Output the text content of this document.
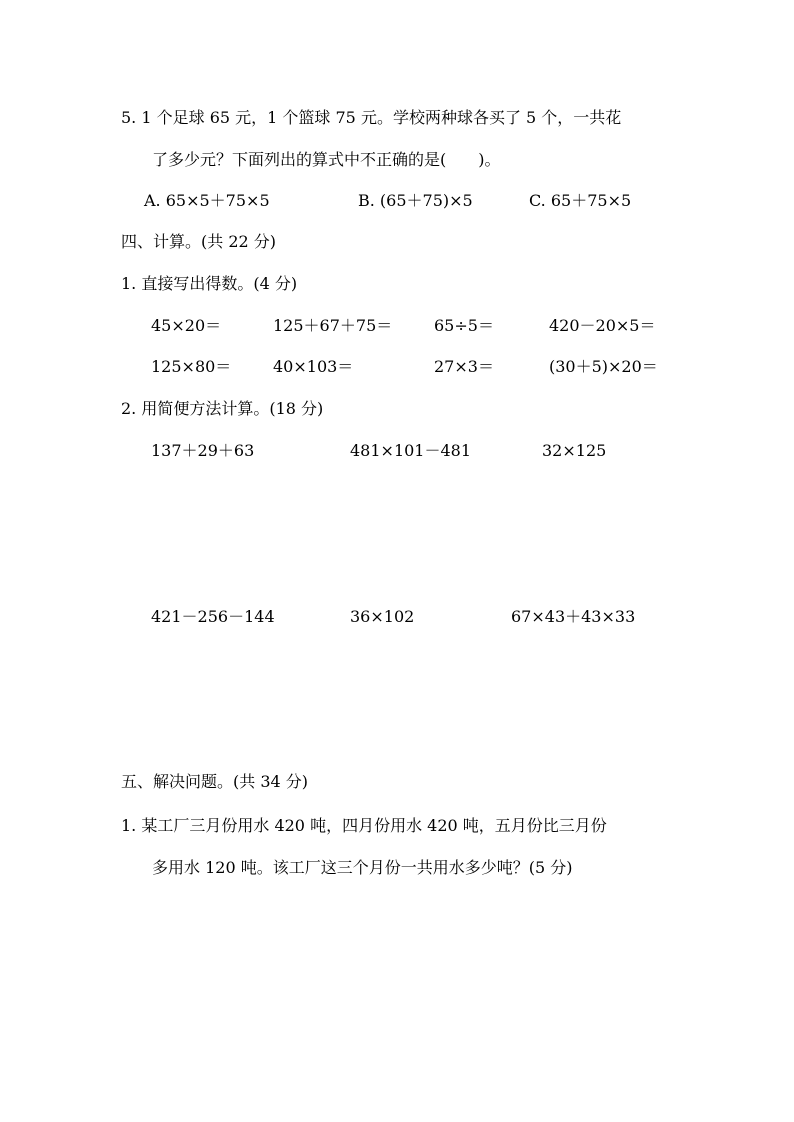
5. 1 个足球 65 元，1 个篮球 75 元。学校两种球各买了 5 个，一共花
了多少元？下面列出的算式中不正确的是(　　)。
A. 65×5＋75×5	B. (65＋75)×5	C. 65＋75×5
四、计算。(共 22 分)
1. 直接写出得数。(4 分)
45×20＝	125＋67＋75＝	65÷5＝	420－20×5＝
125×80＝	40×103＝	27×3＝	(30＋5)×20＝
2. 用简便方法计算。(18 分)
137＋29＋63	481×101－481	32×125
421－256－144	36×102	67×43＋43×33
五、解决问题。(共 34 分)
1. 某工厂三月份用水 420 吨，四月份用水 420 吨，五月份比三月份
多用水 120 吨。该工厂这三个月份一共用水多少吨？(5 分)
